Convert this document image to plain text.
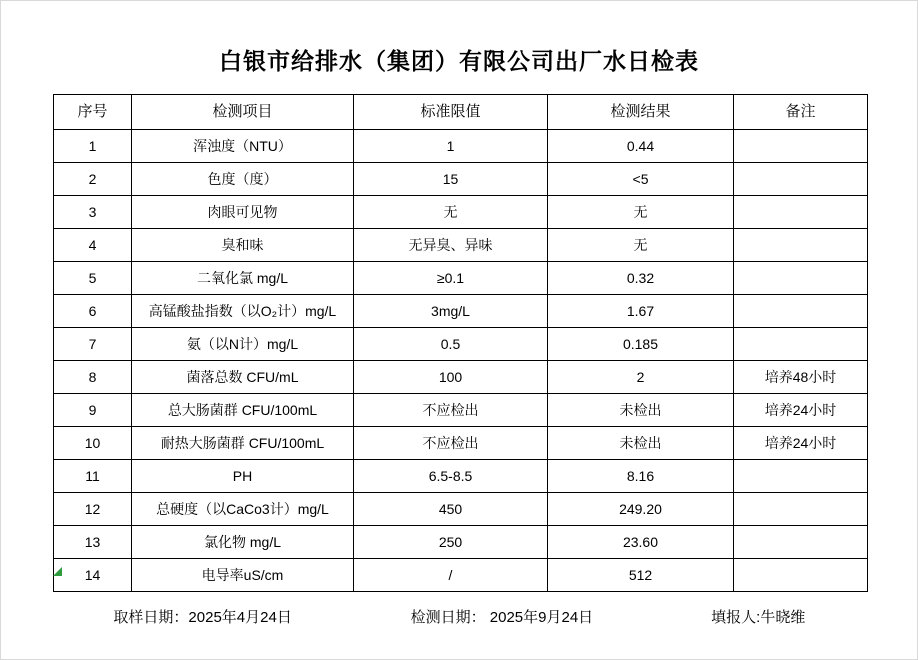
白银市给排水（集团）有限公司出厂水日检表
序号	检测项目	标准限值	检测结果	备注
1	浑浊度（NTU）	1	0.44	
2	色度（度）	15	<5	
3	肉眼可见物	无	无	
4	臭和味	无异臭、异味	无	
5	二氧化氯 mg/L	≥0.1	0.32	
6	高锰酸盐指数（以O₂计）mg/L	3mg/L	1.67	
7	氨（以N计）mg/L	0.5	0.185	
8	菌落总数 CFU/mL	100	2	培养48小时
9	总大肠菌群 CFU/100mL	不应检出	未检出	培养24小时
10	耐热大肠菌群 CFU/100mL	不应检出	未检出	培养24小时
11	PH	6.5-8.5	8.16	
12	总硬度（以CaCo3计）mg/L	450	249.20	
13	氯化物 mg/L	250	23.60	
14	电导率uS/cm	/	512	
取样日期：2025年4月24日	检测日期： 2025年9月24日	填报人:牛晓维
